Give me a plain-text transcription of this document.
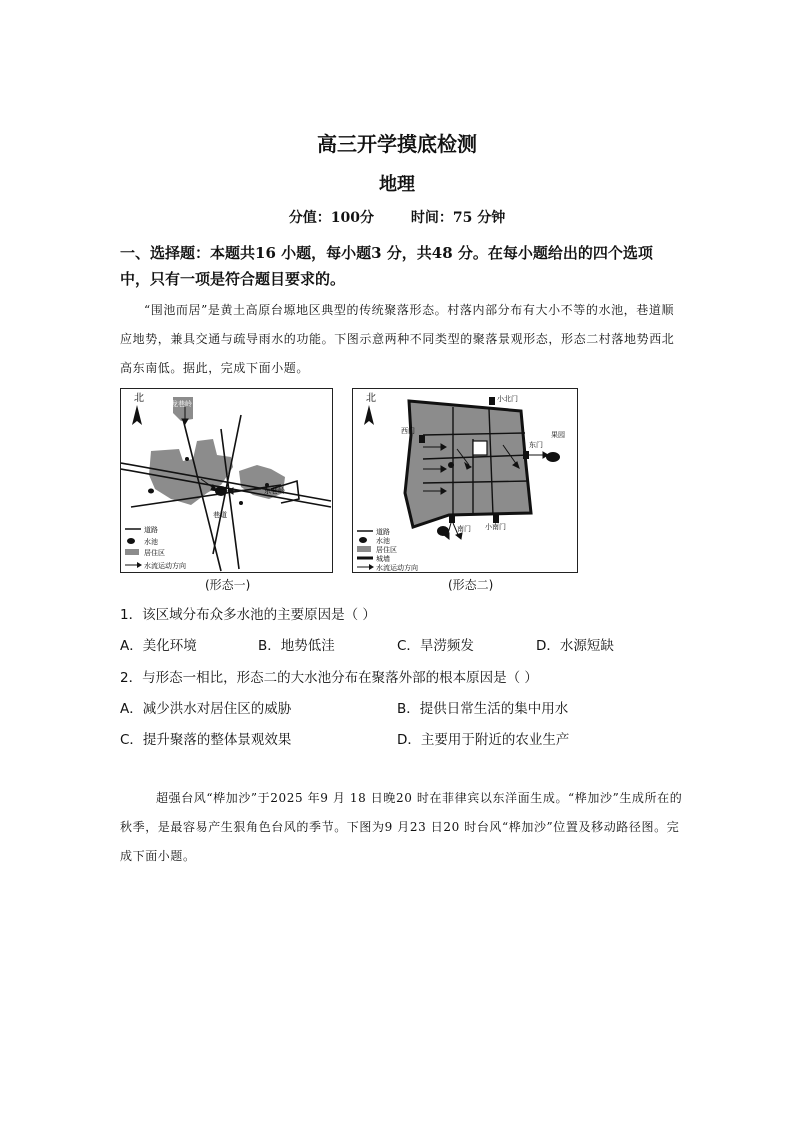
高三开学摸底检测
地理
分值：100分	时间：75 分钟
一、选择题：本题共16 小题，每小题3 分，共48 分。在每小题给出的四个选项中，只有一项是符合题目要求的。
“围池而居”是黄土高原台塬地区典型的传统聚落形态。村落内部分布有大小不等的水池，巷道顺应地势，兼具交通与疏导雨水的功能。下图示意两种不同类型的聚落景观形态，形态二村落地势西北高东南低。据此，完成下面小题。
北	龙巷岭
东巷岭
巷道
道路
水池
居住区
水流运动方向
(形态一)
北	小北门
西门
东门
果园
南门 小南门
道路
水池
居住区
城墙
水流运动方向
(形态二)
1．该区域分布众多水池的主要原因是（ ）
A．美化环境	B．地势低洼	C．旱涝频发	D．水源短缺
2．与形态一相比，形态二的大水池分布在聚落外部的根本原因是（ ）
A．减少洪水对居住区的威胁	B．提供日常生活的集中用水
C．提升聚落的整体景观效果	D．主要用于附近的农业生产
超强台风“桦加沙”于2025 年9 月 18 日晚20 时在菲律宾以东洋面生成。“桦加沙”生成所在的秋季，是最容易产生狠角色台风的季节。下图为9 月23 日20 时台风“桦加沙”位置及移动路径图。完成下面小题。
